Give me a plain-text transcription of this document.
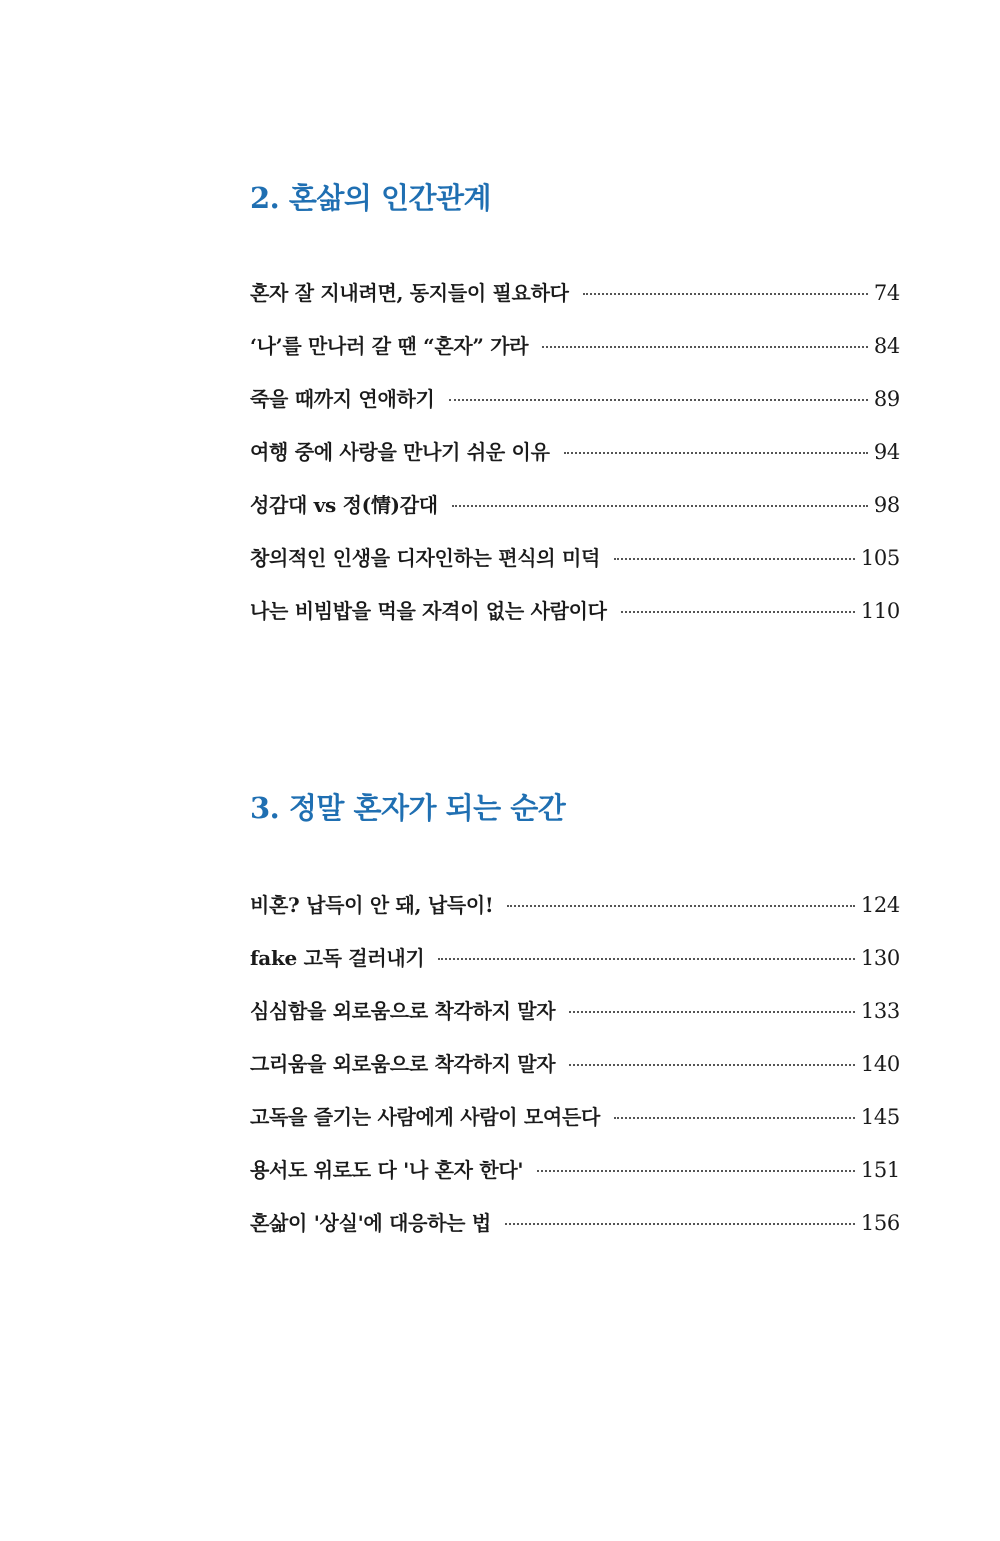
2. 혼삶의 인간관계
혼자 잘 지내려면, 동지들이 필요하다	74
‘나’를 만나러 갈 땐 “혼자” 가라	84
죽을 때까지 연애하기	89
여행 중에 사랑을 만나기 쉬운 이유	94
성감대 vs 정(情)감대	98
창의적인 인생을 디자인하는 편식의 미덕	105
나는 비빔밥을 먹을 자격이 없는 사람이다	110
3. 정말 혼자가 되는 순간
비혼? 납득이 안 돼, 납득이!	124
fake 고독 걸러내기	130
심심함을 외로움으로 착각하지 말자	133
그리움을 외로움으로 착각하지 말자	140
고독을 즐기는 사람에게 사람이 모여든다	145
용서도 위로도 다 '나 혼자 한다'	151
혼삶이 '상실'에 대응하는 법	156
